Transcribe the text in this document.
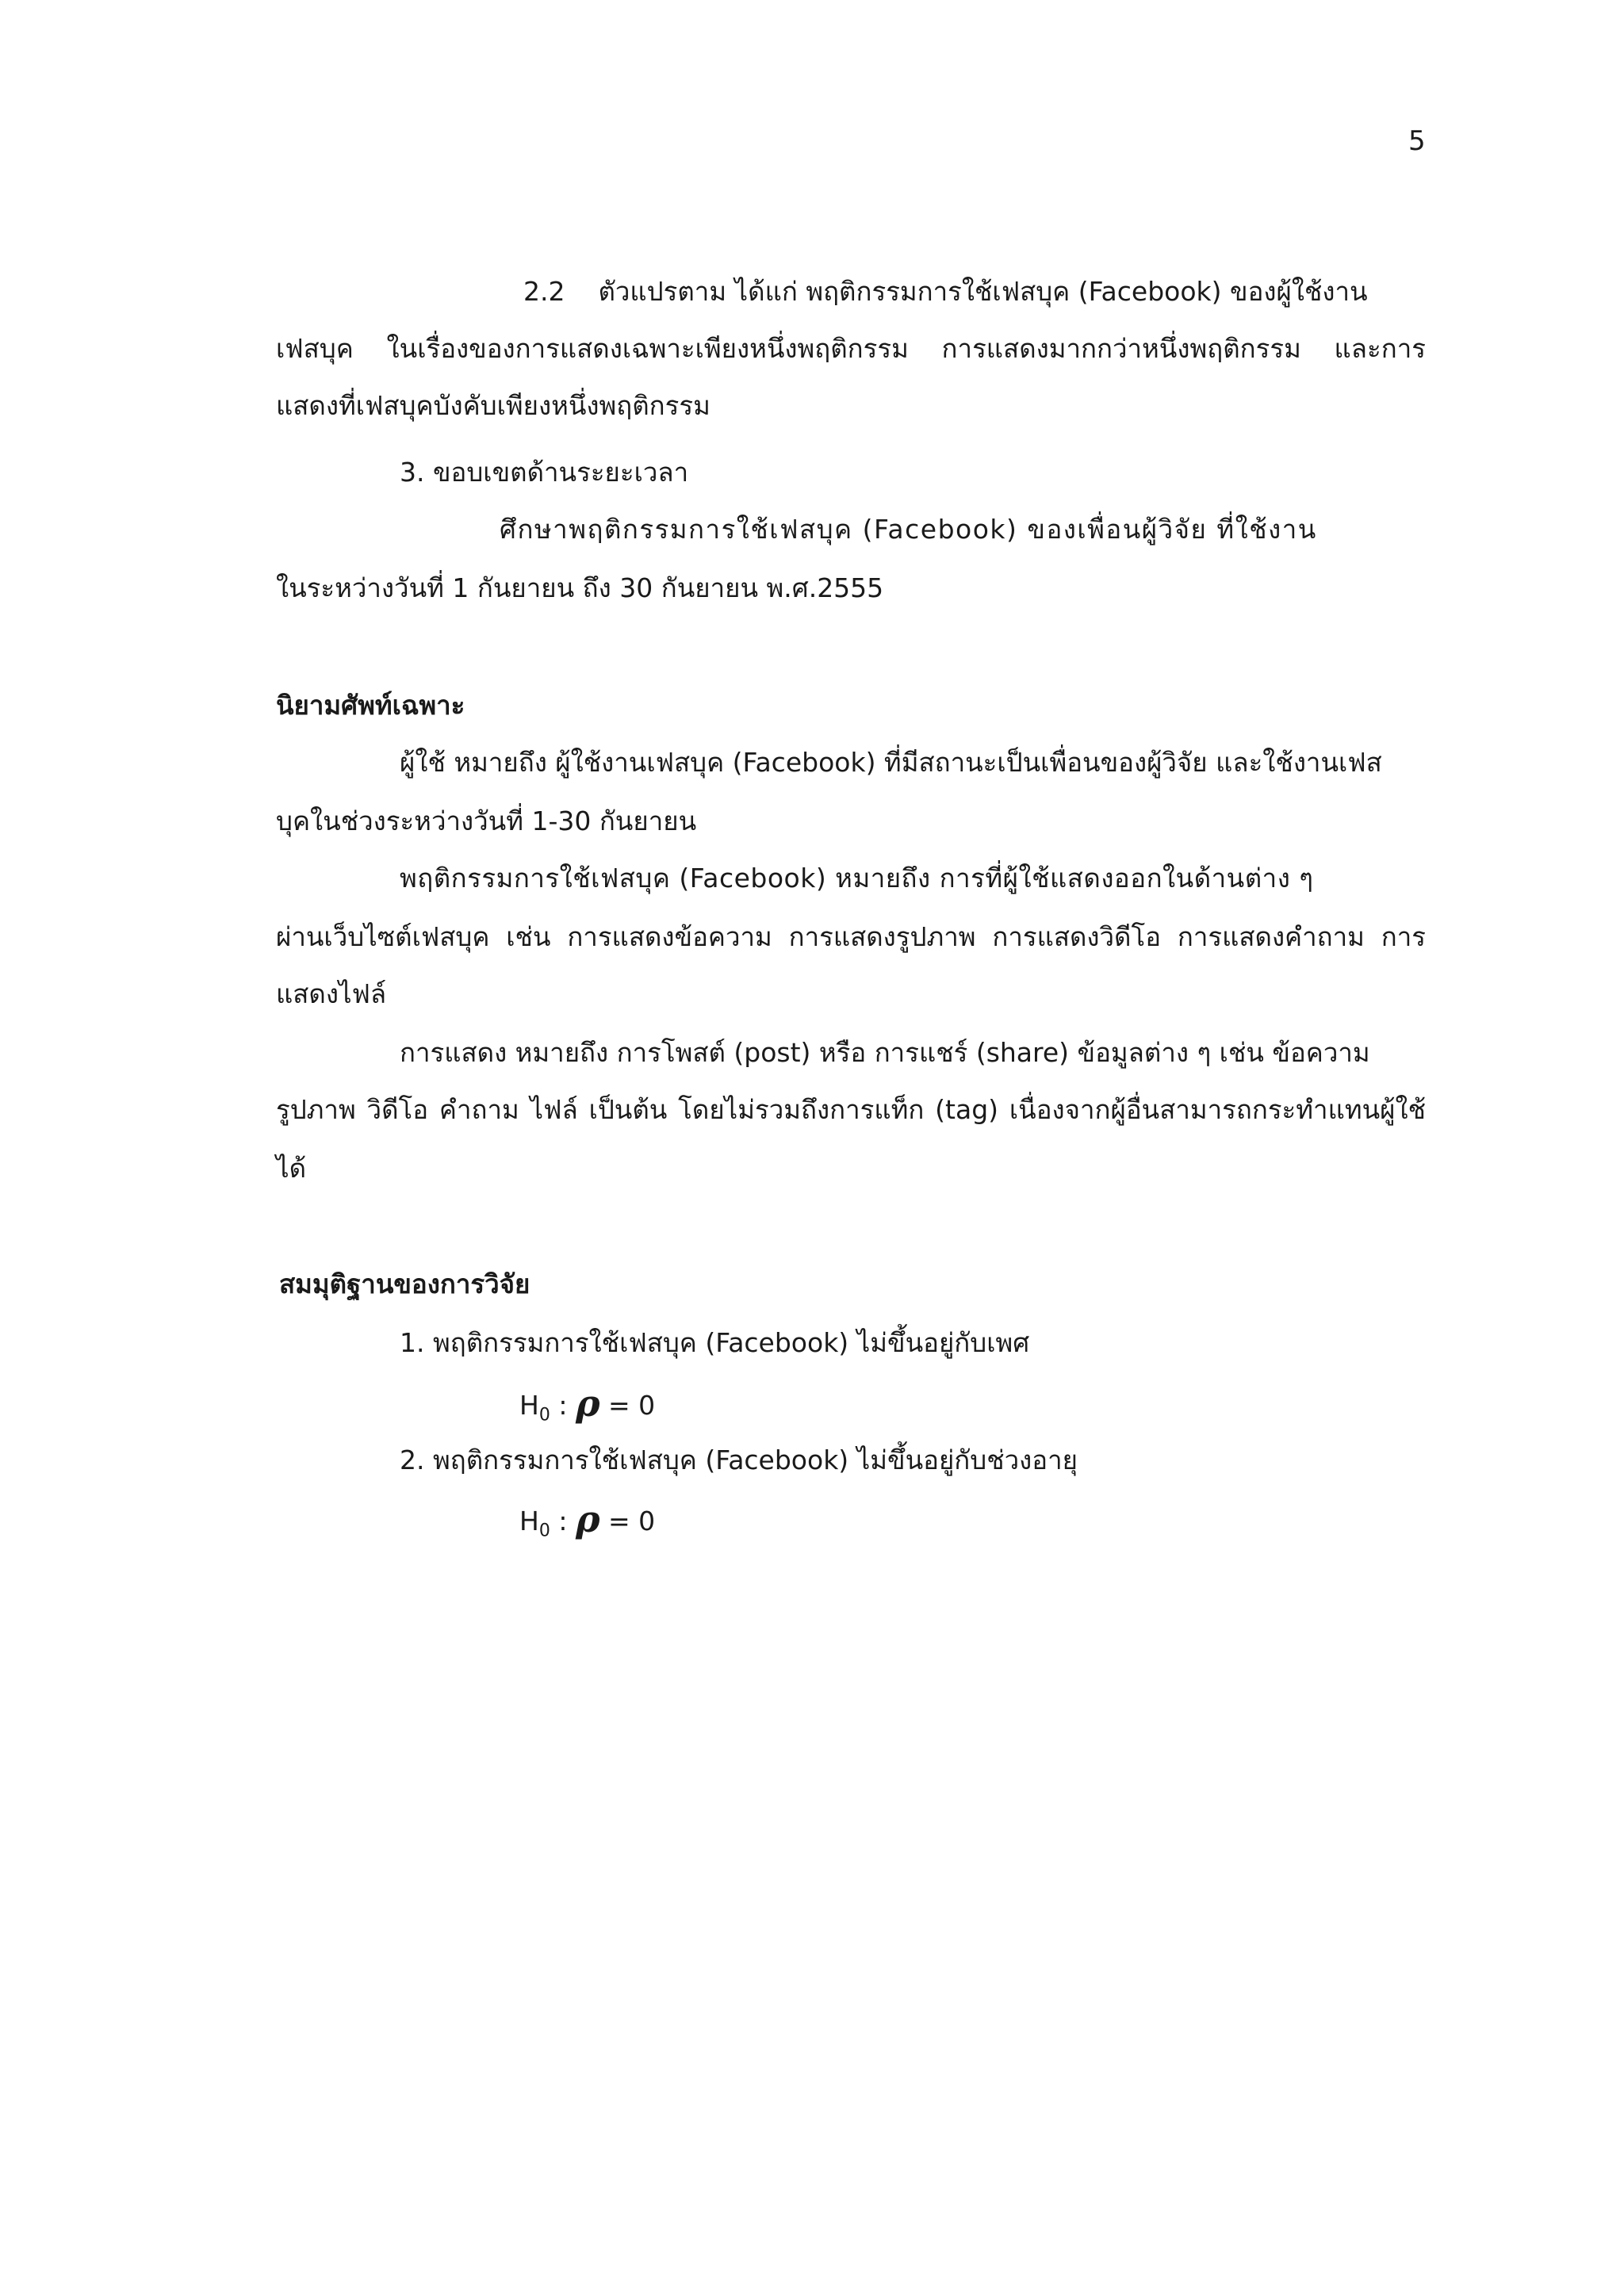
5
2.2 ตัวแปรตาม ได้แก่ พฤติกรรมการใช้เฟสบุค (Facebook) ของผู้ใช้งาน
เฟสบุค ในเรื่องของการแสดงเฉพาะเพียงหนึ่งพฤติกรรม การแสดงมากกว่าหนึ่งพฤติกรรม และการ
แสดงที่เฟสบุคบังคับเพียงหนึ่งพฤติกรรม
3. ขอบเขตด้านระยะเวลา
ศึกษาพฤติกรรมการใช้เฟสบุค (Facebook) ของเพื่อนผู้วิจัย ที่ใช้งาน
ในระหว่างวันที่ 1 กันยายน ถึง 30 กันยายน พ.ศ.2555
นิยามศัพท์เฉพาะ
ผู้ใช้ หมายถึง ผู้ใช้งานเฟสบุค (Facebook) ที่มีสถานะเป็นเพื่อนของผู้วิจัย และใช้งานเฟส
บุคในช่วงระหว่างวันที่ 1-30 กันยายน
พฤติกรรมการใช้เฟสบุค (Facebook) หมายถึง การที่ผู้ใช้แสดงออกในด้านต่าง ๆ
ผ่านเว็บไซต์เฟสบุค เช่น การแสดงข้อความ การแสดงรูปภาพ การแสดงวิดีโอ การแสดงคำถาม การ
แสดงไฟล์
การแสดง หมายถึง การโพสต์ (post) หรือ การแชร์ (share) ข้อมูลต่าง ๆ เช่น ข้อความ
รูปภาพ วิดีโอ คำถาม ไฟล์ เป็นต้น โดยไม่รวมถึงการแท็ก (tag) เนื่องจากผู้อื่นสามารถกระทำแทนผู้ใช้
ได้
สมมุติฐานของการวิจัย
1. พฤติกรรมการใช้เฟสบุค (Facebook) ไม่ขึ้นอยู่กับเพศ
$H_0$ : ρ = 0
2. พฤติกรรมการใช้เฟสบุค (Facebook) ไม่ขึ้นอยู่กับช่วงอายุ
$H_0$ : ρ = 0
